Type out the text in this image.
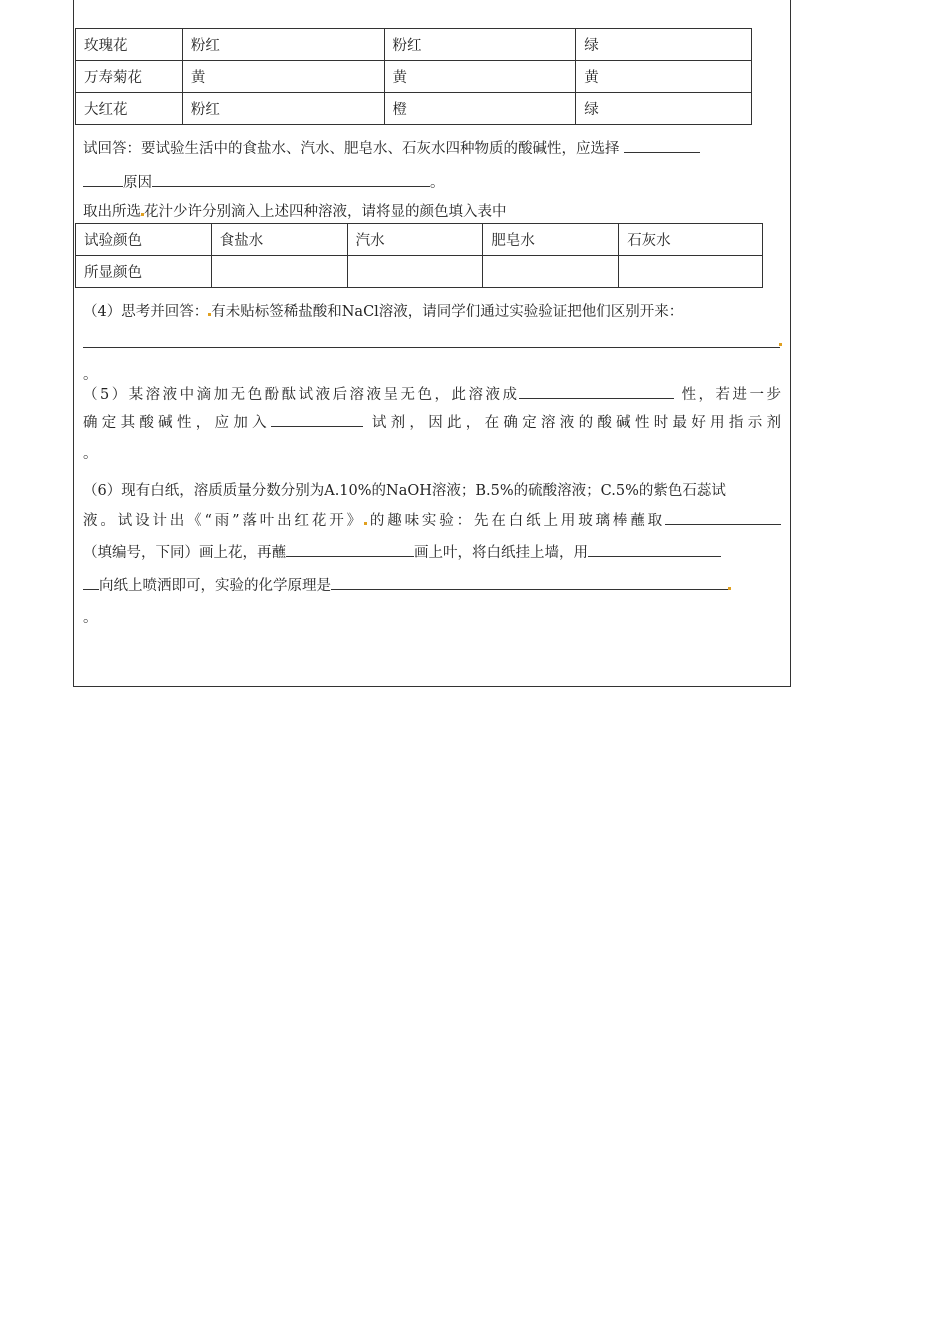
玫瑰花	粉红	粉红	绿
万寿菊花	黄	黄	黄
大红花	粉红	橙	绿
试回答：要试验生活中的食盐水、汽水、肥皂水、石灰水四种物质的酸碱性，应选择
原因	。
取出所选 花汁少许分别滴入上述四种溶液，请将显的颜色填入表中
试验颜色	食盐水	汽水	肥皂水	石灰水
所显颜色				
（4）思考并回答： 有未贴标签稀盐酸和NaCl溶液，请同学们通过实验验证把他们区别开来：
。
（5）某溶液中滴加无色酚酞试液后溶液呈无色，此溶液成	性，若进一步
确定其酸碱性，应加入	试剂，因此，在确定溶液的酸碱性时最好用指示剂
。
（6）现有白纸，溶质质量分数分别为A.10%的NaOH溶液；B.5%的硫酸溶液；C.5%的紫色石蕊试
液。试设计出《“雨”落叶出红花开》 的趣味实验：先在白纸上用玻璃棒蘸取
（填编号，下同）画上花，再蘸	画上叶，将白纸挂上墙，用
向纸上喷洒即可，实验的化学原理是
。
